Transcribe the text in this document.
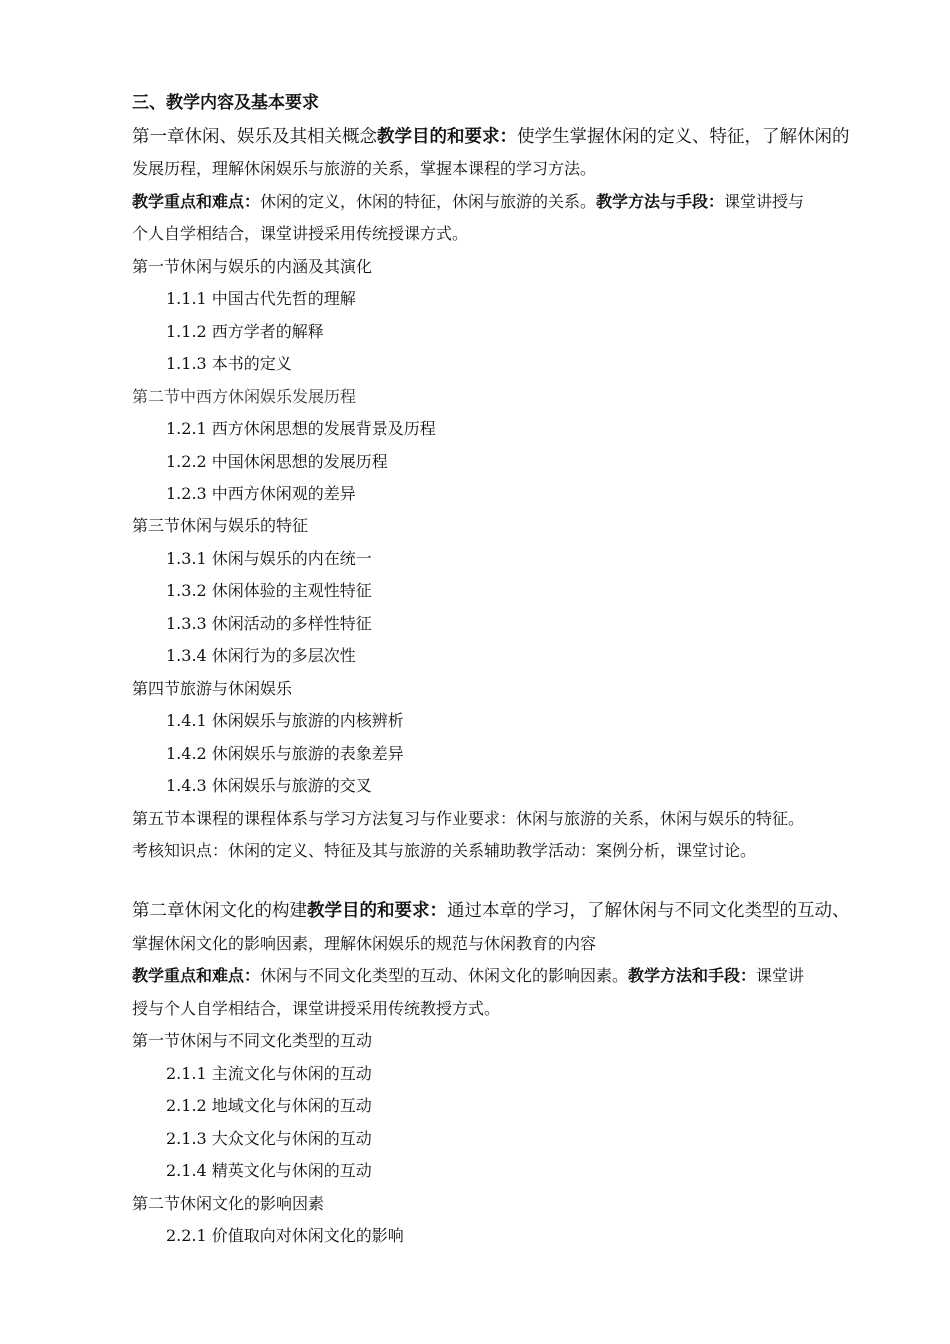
三、教学内容及基本要求
第一章休闲、娱乐及其相关概念教学目的和要求：使学生掌握休闲的定义、特征，了解休闲的
发展历程，理解休闲娱乐与旅游的关系，掌握本课程的学习方法。
教学重点和难点：休闲的定义，休闲的特征，休闲与旅游的关系。教学方法与手段：课堂讲授与
个人自学相结合，课堂讲授采用传统授课方式。
第一节休闲与娱乐的内涵及其演化
1.1.1 中国古代先哲的理解
1.1.2 西方学者的解释
1.1.3 本书的定义
第二节中西方休闲娱乐发展历程
1.2.1 西方休闲思想的发展背景及历程
1.2.2 中国休闲思想的发展历程
1.2.3 中西方休闲观的差异
第三节休闲与娱乐的特征
1.3.1 休闲与娱乐的内在统一
1.3.2 休闲体验的主观性特征
1.3.3 休闲活动的多样性特征
1.3.4 休闲行为的多层次性
第四节旅游与休闲娱乐
1.4.1 休闲娱乐与旅游的内核辨析
1.4.2 休闲娱乐与旅游的表象差异
1.4.3 休闲娱乐与旅游的交叉
第五节本课程的课程体系与学习方法复习与作业要求：休闲与旅游的关系，休闲与娱乐的特征。
考核知识点：休闲的定义、特征及其与旅游的关系辅助教学活动：案例分析，课堂讨论。
第二章休闲文化的构建教学目的和要求：通过本章的学习，了解休闲与不同文化类型的互动、
掌握休闲文化的影响因素，理解休闲娱乐的规范与休闲教育的内容
教学重点和难点：休闲与不同文化类型的互动、休闲文化的影响因素。教学方法和手段：课堂讲
授与个人自学相结合，课堂讲授采用传统教授方式。
第一节休闲与不同文化类型的互动
2.1.1 主流文化与休闲的互动
2.1.2 地域文化与休闲的互动
2.1.3 大众文化与休闲的互动
2.1.4 精英文化与休闲的互动
第二节休闲文化的影响因素
2.2.1 价值取向对休闲文化的影响
